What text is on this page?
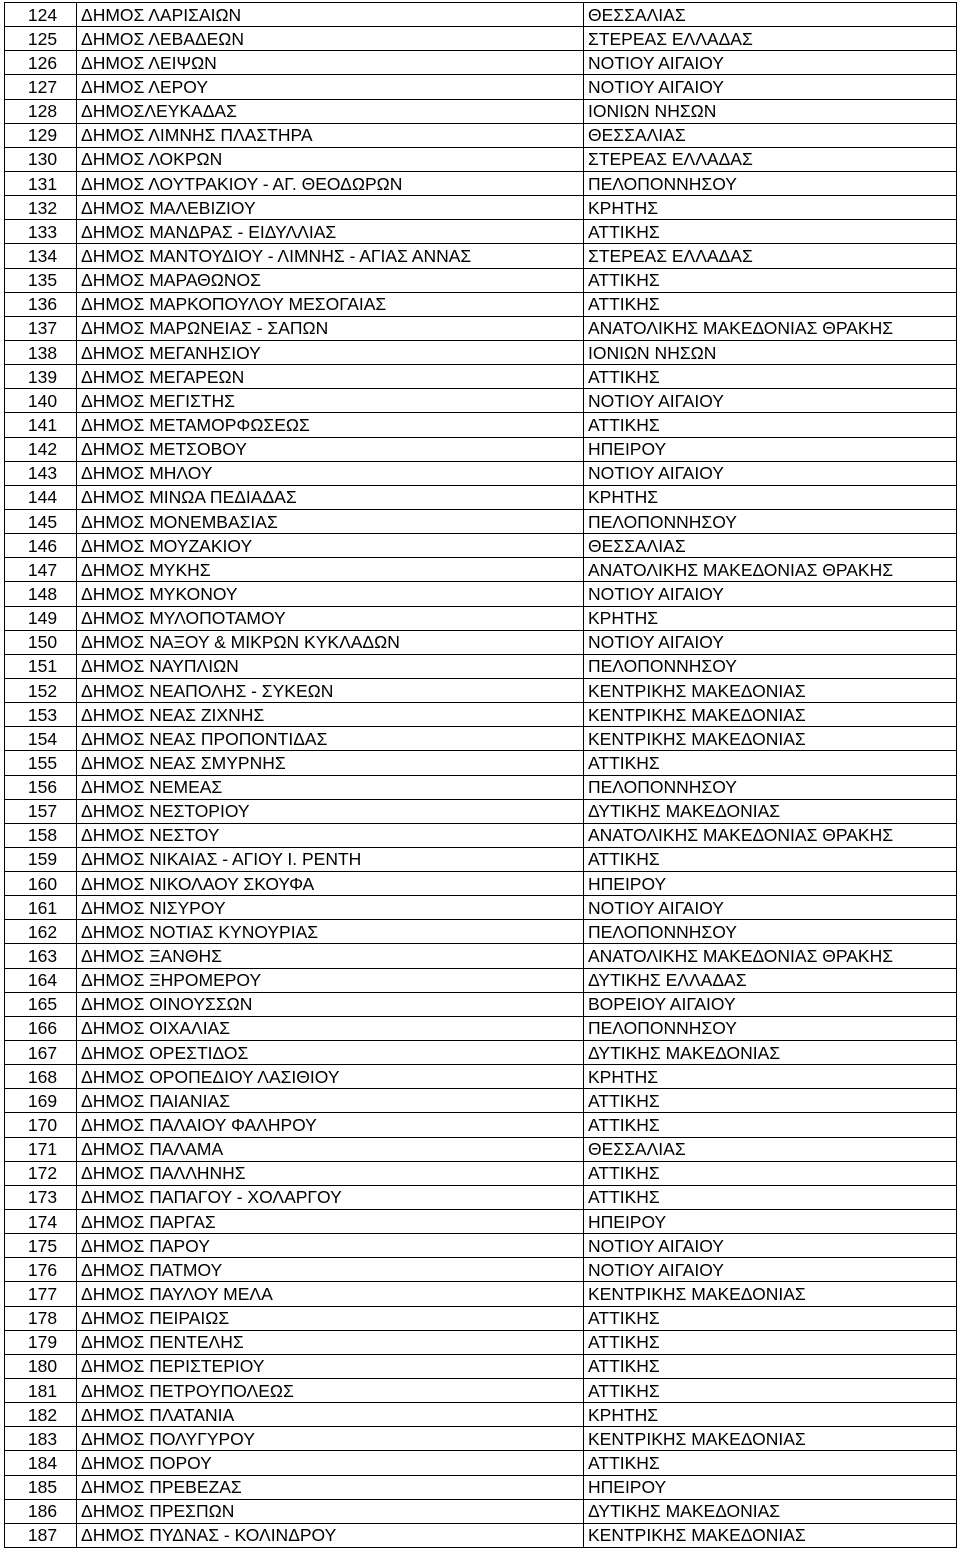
124	ΔΗΜΟΣ ΛΑΡΙΣΑΙΩΝ	ΘΕΣΣΑΛΙΑΣ
125	ΔΗΜΟΣ ΛΕΒΑΔΕΩΝ	ΣΤΕΡΕΑΣ ΕΛΛΑΔΑΣ
126	ΔΗΜΟΣ ΛΕΙΨΩΝ	ΝΟΤΙΟΥ ΑΙΓΑΙΟΥ
127	ΔΗΜΟΣ ΛΕΡΟΥ	ΝΟΤΙΟΥ ΑΙΓΑΙΟΥ
128	ΔΗΜΟΣΛΕΥΚΑΔΑΣ	ΙΟΝΙΩΝ ΝΗΣΩΝ
129	ΔΗΜΟΣ ΛΙΜΝΗΣ ΠΛΑΣΤΗΡΑ	ΘΕΣΣΑΛΙΑΣ
130	ΔΗΜΟΣ ΛΟΚΡΩΝ	ΣΤΕΡΕΑΣ ΕΛΛΑΔΑΣ
131	ΔΗΜΟΣ ΛΟΥΤΡΑΚΙΟΥ - ΑΓ. ΘΕΟΔΩΡΩΝ	ΠΕΛΟΠΟΝΝΗΣΟΥ
132	ΔΗΜΟΣ ΜΑΛΕΒΙΖΙΟΥ	ΚΡΗΤΗΣ
133	ΔΗΜΟΣ ΜΑΝΔΡΑΣ - ΕΙΔΥΛΛΙΑΣ	ΑΤΤΙΚΗΣ
134	ΔΗΜΟΣ ΜΑΝΤΟΥΔΙΟΥ - ΛΙΜΝΗΣ - ΑΓΙΑΣ ΑΝΝΑΣ	ΣΤΕΡΕΑΣ ΕΛΛΑΔΑΣ
135	ΔΗΜΟΣ ΜΑΡΑΘΩΝΟΣ	ΑΤΤΙΚΗΣ
136	ΔΗΜΟΣ ΜΑΡΚΟΠΟΥΛΟΥ ΜΕΣΟΓΑΙΑΣ	ΑΤΤΙΚΗΣ
137	ΔΗΜΟΣ ΜΑΡΩΝΕΙΑΣ - ΣΑΠΩΝ	ΑΝΑΤΟΛΙΚΗΣ ΜΑΚΕΔΟΝΙΑΣ ΘΡΑΚΗΣ
138	ΔΗΜΟΣ ΜΕΓΑΝΗΣΙΟΥ	ΙΟΝΙΩΝ ΝΗΣΩΝ
139	ΔΗΜΟΣ ΜΕΓΑΡΕΩΝ	ΑΤΤΙΚΗΣ
140	ΔΗΜΟΣ ΜΕΓΙΣΤΗΣ	ΝΟΤΙΟΥ ΑΙΓΑΙΟΥ
141	ΔΗΜΟΣ ΜΕΤΑΜΟΡΦΩΣΕΩΣ	ΑΤΤΙΚΗΣ
142	ΔΗΜΟΣ ΜΕΤΣΟΒΟΥ	ΗΠΕΙΡΟΥ
143	ΔΗΜΟΣ ΜΗΛΟΥ	ΝΟΤΙΟΥ ΑΙΓΑΙΟΥ
144	ΔΗΜΟΣ ΜΙΝΩΑ ΠΕΔΙΑΔΑΣ	ΚΡΗΤΗΣ
145	ΔΗΜΟΣ ΜΟΝΕΜΒΑΣΙΑΣ	ΠΕΛΟΠΟΝΝΗΣΟΥ
146	ΔΗΜΟΣ ΜΟΥΖΑΚΙΟΥ	ΘΕΣΣΑΛΙΑΣ
147	ΔΗΜΟΣ ΜΥΚΗΣ	ΑΝΑΤΟΛΙΚΗΣ ΜΑΚΕΔΟΝΙΑΣ ΘΡΑΚΗΣ
148	ΔΗΜΟΣ ΜΥΚΟΝΟΥ	ΝΟΤΙΟΥ ΑΙΓΑΙΟΥ
149	ΔΗΜΟΣ ΜΥΛΟΠΟΤΑΜΟΥ	ΚΡΗΤΗΣ
150	ΔΗΜΟΣ ΝΑΞΟΥ & ΜΙΚΡΩΝ ΚΥΚΛΑΔΩΝ	ΝΟΤΙΟΥ ΑΙΓΑΙΟΥ
151	ΔΗΜΟΣ ΝΑΥΠΛΙΩΝ	ΠΕΛΟΠΟΝΝΗΣΟΥ
152	ΔΗΜΟΣ ΝΕΑΠΟΛΗΣ - ΣΥΚΕΩΝ	ΚΕΝΤΡΙΚΗΣ ΜΑΚΕΔΟΝΙΑΣ
153	ΔΗΜΟΣ ΝΕΑΣ ΖΙΧΝΗΣ	ΚΕΝΤΡΙΚΗΣ ΜΑΚΕΔΟΝΙΑΣ
154	ΔΗΜΟΣ ΝΕΑΣ ΠΡΟΠΟΝΤΙΔΑΣ	ΚΕΝΤΡΙΚΗΣ ΜΑΚΕΔΟΝΙΑΣ
155	ΔΗΜΟΣ ΝΕΑΣ ΣΜΥΡΝΗΣ	ΑΤΤΙΚΗΣ
156	ΔΗΜΟΣ ΝΕΜΕΑΣ	ΠΕΛΟΠΟΝΝΗΣΟΥ
157	ΔΗΜΟΣ ΝΕΣΤΟΡΙΟΥ	ΔΥΤΙΚΗΣ ΜΑΚΕΔΟΝΙΑΣ
158	ΔΗΜΟΣ ΝΕΣΤΟΥ	ΑΝΑΤΟΛΙΚΗΣ ΜΑΚΕΔΟΝΙΑΣ ΘΡΑΚΗΣ
159	ΔΗΜΟΣ ΝΙΚΑΙΑΣ - ΑΓΙΟΥ Ι. ΡΕΝΤΗ	ΑΤΤΙΚΗΣ
160	ΔΗΜΟΣ ΝΙΚΟΛΑΟΥ ΣΚΟΥΦΑ	ΗΠΕΙΡΟΥ
161	ΔΗΜΟΣ ΝΙΣΥΡΟΥ	ΝΟΤΙΟΥ ΑΙΓΑΙΟΥ
162	ΔΗΜΟΣ ΝΟΤΙΑΣ ΚΥΝΟΥΡΙΑΣ	ΠΕΛΟΠΟΝΝΗΣΟΥ
163	ΔΗΜΟΣ ΞΑΝΘΗΣ	ΑΝΑΤΟΛΙΚΗΣ ΜΑΚΕΔΟΝΙΑΣ ΘΡΑΚΗΣ
164	ΔΗΜΟΣ ΞΗΡΟΜΕΡΟΥ	ΔΥΤΙΚΗΣ ΕΛΛΑΔΑΣ
165	ΔΗΜΟΣ ΟΙΝΟΥΣΣΩΝ	ΒΟΡΕΙΟΥ ΑΙΓΑΙΟΥ
166	ΔΗΜΟΣ ΟΙΧΑΛΙΑΣ	ΠΕΛΟΠΟΝΝΗΣΟΥ
167	ΔΗΜΟΣ ΟΡΕΣΤΙΔΟΣ	ΔΥΤΙΚΗΣ ΜΑΚΕΔΟΝΙΑΣ
168	ΔΗΜΟΣ ΟΡΟΠΕΔΙΟΥ ΛΑΣΙΘΙΟΥ	ΚΡΗΤΗΣ
169	ΔΗΜΟΣ ΠΑΙΑΝΙΑΣ	ΑΤΤΙΚΗΣ
170	ΔΗΜΟΣ ΠΑΛΑΙΟΥ ΦΑΛΗΡΟΥ	ΑΤΤΙΚΗΣ
171	ΔΗΜΟΣ ΠΑΛΑΜΑ	ΘΕΣΣΑΛΙΑΣ
172	ΔΗΜΟΣ ΠΑΛΛΗΝΗΣ	ΑΤΤΙΚΗΣ
173	ΔΗΜΟΣ ΠΑΠΑΓΟΥ - ΧΟΛΑΡΓΟΥ	ΑΤΤΙΚΗΣ
174	ΔΗΜΟΣ ΠΑΡΓΑΣ	ΗΠΕΙΡΟΥ
175	ΔΗΜΟΣ ΠΑΡΟΥ	ΝΟΤΙΟΥ ΑΙΓΑΙΟΥ
176	ΔΗΜΟΣ ΠΑΤΜΟΥ	ΝΟΤΙΟΥ ΑΙΓΑΙΟΥ
177	ΔΗΜΟΣ ΠΑΥΛΟΥ ΜΕΛΑ	ΚΕΝΤΡΙΚΗΣ ΜΑΚΕΔΟΝΙΑΣ
178	ΔΗΜΟΣ ΠΕΙΡΑΙΩΣ	ΑΤΤΙΚΗΣ
179	ΔΗΜΟΣ ΠΕΝΤΕΛΗΣ	ΑΤΤΙΚΗΣ
180	ΔΗΜΟΣ ΠΕΡΙΣΤΕΡΙΟΥ	ΑΤΤΙΚΗΣ
181	ΔΗΜΟΣ ΠΕΤΡΟΥΠΟΛΕΩΣ	ΑΤΤΙΚΗΣ
182	ΔΗΜΟΣ ΠΛΑΤΑΝΙΑ	ΚΡΗΤΗΣ
183	ΔΗΜΟΣ ΠΟΛΥΓΥΡΟΥ	ΚΕΝΤΡΙΚΗΣ ΜΑΚΕΔΟΝΙΑΣ
184	ΔΗΜΟΣ ΠΟΡΟΥ	ΑΤΤΙΚΗΣ
185	ΔΗΜΟΣ ΠΡΕΒΕΖΑΣ	ΗΠΕΙΡΟΥ
186	ΔΗΜΟΣ ΠΡΕΣΠΩΝ	ΔΥΤΙΚΗΣ ΜΑΚΕΔΟΝΙΑΣ
187	ΔΗΜΟΣ ΠΥΔΝΑΣ - ΚΟΛΙΝΔΡΟΥ	ΚΕΝΤΡΙΚΗΣ ΜΑΚΕΔΟΝΙΑΣ
